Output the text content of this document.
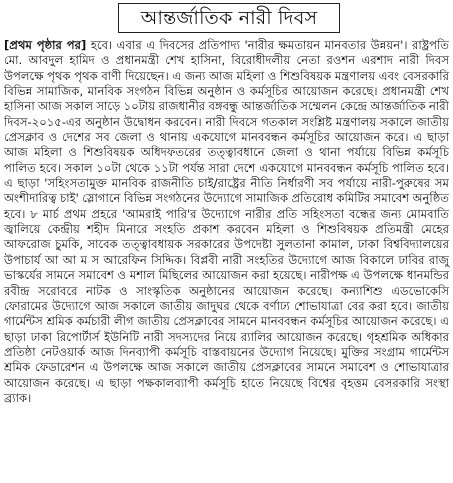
আন্তর্জাতিক নারী দিবস

[প্রথম পৃষ্ঠার পর] হবে। এবার এ দিবসের প্রতিপাদ্য 'নারীর ক্ষমতায়ন মানবতার উন্নয়ন'। রাষ্ট্রপতি মো. আবদুল হামিদ ও প্রধানমন্ত্রী শেখ হাসিনা, বিরোধীদলীয় নেতা রওশন এরশাদ নারী দিবস উপলক্ষে পৃথক পৃথক বাণী দিয়েছেন। এ জন্য আজ মহিলা ও শিশুবিষয়ক মন্ত্রণালয় এবং বেসরকারি বিভিন্ন সামাজিক, মানবিক সংগঠন বিভিন্ন অনুষ্ঠান ও কর্মসূচির আয়োজন করেছে। প্রধানমন্ত্রী শেখ হাসিনা আজ সকাল সাড়ে ১০টায় রাজধানীর বঙ্গবন্ধু আন্তর্জাতিক সম্মেলন কেন্দ্রে আন্তর্জাতিক নারী দিবস-২০১৫-এর অনুষ্ঠান উদ্বোধন করবেন। নারী দিবসে গতকাল সংশ্লিষ্ট মন্ত্রণালয় সকালে জাতীয় প্রেসক্লাব ও দেশের সব জেলা ও থানায় একযোগে মানববন্ধন কর্মসূচির আয়োজন করে। এ ছাড়া আজ মহিলা ও শিশুবিষয়ক অধিদফতরের তত্ত্বাবধানে জেলা ও থানা পর্যায়ে বিভিন্ন কর্মসূচি পালিত হবে। সকাল ১০টা থেকে ১১টা পর্যন্ত সারা দেশে একযোগে মানববন্ধন কর্মসূচি পালিত হবে। এ ছাড়া 'সহিংসতামুক্ত মানবিক রাজনীতি চাই/রাষ্ট্রের নীতি নির্ধারণী সব পর্যায়ে নারী-পুরুষের সম অংশীদারিত্ব চাই' স্লোগানে বিভিন্ন সংগঠনের উদ্যোগে সামাজিক প্রতিরোধ কমিটির সমাবেশ অনুষ্ঠিত হবে। ৮ মার্চ প্রথম প্রহরে 'আমরাই পারি'র উদ্যোগে নারীর প্রতি সহিংসতা বন্ধের জন্য মোমবাতি জ্বালিয়ে কেন্দ্রীয় শহীদ মিনারে সংহতি প্রকাশ করবেন মহিলা ও শিশুবিষয়ক প্রতিমন্ত্রী মেহের আফরোজ চুমকি, সাবেক তত্ত্বাবধায়ক সরকারের উপদেষ্টা সুলতানা কামাল, ঢাকা বিশ্ববিদ্যালয়ের উপাচার্য আ আ ম স আরেফিন সিদ্দিক। বিপ্লবী নারী সংহতির উদ্যোগে আজ বিকালে ঢাবির রাজু ভাস্কর্যের সামনে সমাবেশ ও মশাল মিছিলের আয়োজন করা হয়েছে। নারীপক্ষ এ উপলক্ষে ধানমন্ডির রবীন্দ্র সরোবরে নাটক ও সাংস্কৃতিক অনুষ্ঠানের আয়োজন করেছে। কন্যাশিশু এডভোকেসি ফোরামের উদ্যোগে আজ সকালে জাতীয় জাদুঘর থেকে বর্ণাঢ্য শোভাযাত্রা বের করা হবে। জাতীয় গার্মেন্টস শ্রমিক কর্মচারী লীগ জাতীয় প্রেসক্লাবের সামনে মানববন্ধন কর্মসূচির আয়োজন করেছে। এ ছাড়া ঢাকা রিপোর্টার্স ইউনিটি নারী সদস্যদের নিয়ে র‌্যালির আয়োজন করেছে। গৃহশ্রমিক অধিকার প্রতিষ্ঠা নেটওয়ার্ক আজ দিনব্যাপী কর্মসূচি বাস্তবায়নের উদ্যোগ নিয়েছে। মুক্তির সংগ্রাম গার্মেন্টস শ্রমিক ফেডারেশন এ উপলক্ষে আজ সকালে জাতীয় প্রেসক্লাবের সামনে সমাবেশ ও শোভাযাত্রার আয়োজন করেছে। এ ছাড়া পক্ষকালব্যাপী কর্মসূচি হাতে নিয়েছে বিশ্বের বৃহত্তম বেসরকারি সংস্থা ব্র্যাক।
